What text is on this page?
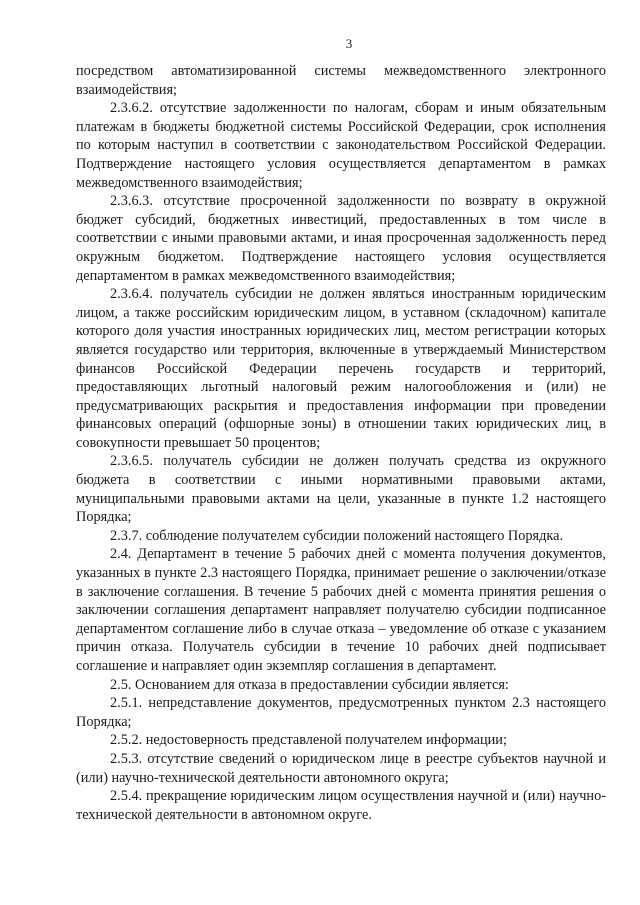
3

посредством автоматизированной системы межведомственного электронного взаимодействия;

2.3.6.2. отсутствие задолженности по налогам, сборам и иным обязательным платежам в бюджеты бюджетной системы Российской Федерации, срок исполнения по которым наступил в соответствии с законодательством Российской Федерации. Подтверждение настоящего условия осуществляется департаментом в рамках межведомственного взаимодействия;

2.3.6.3. отсутствие просроченной задолженности по возврату в окружной бюджет субсидий, бюджетных инвестиций, предоставленных в том числе в соответствии с иными правовыми актами, и иная просроченная задолженность перед окружным бюджетом. Подтверждение настоящего условия осуществляется департаментом в рамках межведомственного взаимодействия;

2.3.6.4. получатель субсидии не должен являться иностранным юридическим лицом, а также российским юридическим лицом, в уставном (складочном) капитале которого доля участия иностранных юридических лиц, местом регистрации которых является государство или территория, включенные в утверждаемый Министерством финансов Российской Федерации перечень государств и территорий, предоставляющих льготный налоговый режим налогообложения и (или) не предусматривающих раскрытия и предоставления информации при проведении финансовых операций (офшорные зоны) в отношении таких юридических лиц, в совокупности превышает 50 процентов;

2.3.6.5. получатель субсидии не должен получать средства из окружного бюджета в соответствии с иными нормативными правовыми актами, муниципальными правовыми актами на цели, указанные в пункте 1.2 настоящего Порядка;

2.3.7. соблюдение получателем субсидии положений настоящего Порядка.

2.4. Департамент в течение 5 рабочих дней с момента получения документов, указанных в пункте 2.3 настоящего Порядка, принимает решение о заключении/отказе в заключение соглашения. В течение 5 рабочих дней с момента принятия решения о заключении соглашения департамент направляет получателю субсидии подписанное департаментом соглашение либо в случае отказа – уведомление об отказе с указанием причин отказа. Получатель субсидии в течение 10 рабочих дней подписывает соглашение и направляет один экземпляр соглашения в департамент.

2.5. Основанием для отказа в предоставлении субсидии является:

2.5.1. непредставление документов, предусмотренных пунктом 2.3 настоящего Порядка;

2.5.2. недостоверность представленой получателем информации;

2.5.3. отсутствие сведений о юридическом лице в реестре субъектов научной и (или) научно-технической деятельности автономного округа;

2.5.4. прекращение юридическим лицом осуществления научной и (или) научно-технической деятельности в автономном округе.
